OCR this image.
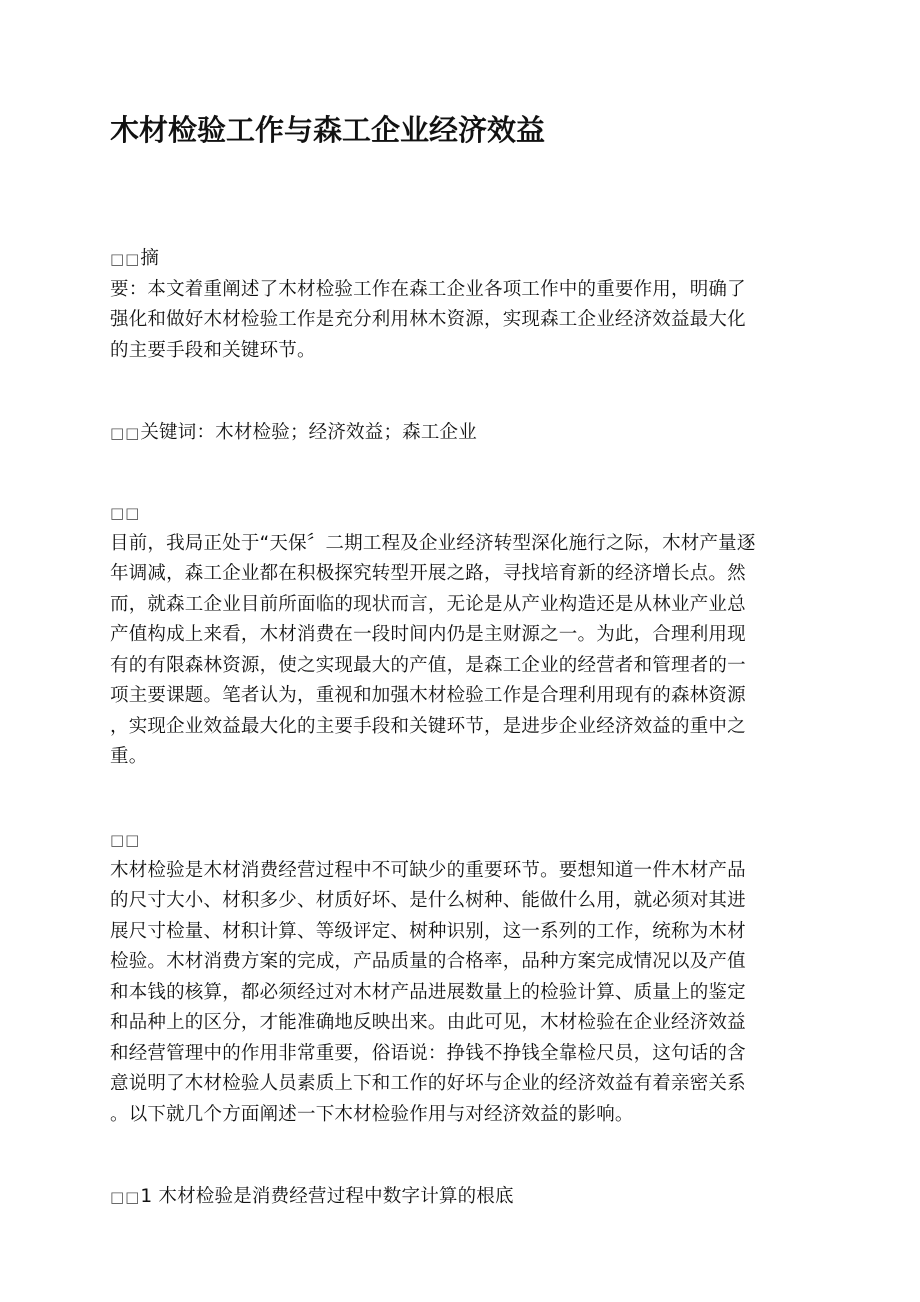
木材检验工作与森工企业经济效益
□□摘
要：本文着重阐述了木材检验工作在森工企业各项工作中的重要作用，明确了
强化和做好木材检验工作是充分利用林木资源，实现森工企业经济效益最大化
的主要手段和关键环节。
□□关键词：木材检验；经济效益；森工企业
□□
目前，我局正处于“天保〞二期工程及企业经济转型深化施行之际，木材产量逐
年调减，森工企业都在积极探究转型开展之路，寻找培育新的经济增长点。然
而，就森工企业目前所面临的现状而言，无论是从产业构造还是从林业产业总
产值构成上来看，木材消费在一段时间内仍是主财源之一。为此，合理利用现
有的有限森林资源，使之实现最大的产值，是森工企业的经营者和管理者的一
项主要课题。笔者认为，重视和加强木材检验工作是合理利用现有的森林资源
，实现企业效益最大化的主要手段和关键环节，是进步企业经济效益的重中之
重。
□□
木材检验是木材消费经营过程中不可缺少的重要环节。要想知道一件木材产品
的尺寸大小、材积多少、材质好坏、是什么树种、能做什么用，就必须对其进
展尺寸检量、材积计算、等级评定、树种识别，这一系列的工作，统称为木材
检验。木材消费方案的完成，产品质量的合格率，品种方案完成情况以及产值
和本钱的核算，都必须经过对木材产品进展数量上的检验计算、质量上的鉴定
和品种上的区分，才能准确地反映出来。由此可见，木材检验在企业经济效益
和经营管理中的作用非常重要，俗语说：挣钱不挣钱全靠检尺员，这句话的含
意说明了木材检验人员素质上下和工作的好坏与企业的经济效益有着亲密关系
。以下就几个方面阐述一下木材检验作用与对经济效益的影响。
□□1 木材检验是消费经营过程中数字计算的根底
